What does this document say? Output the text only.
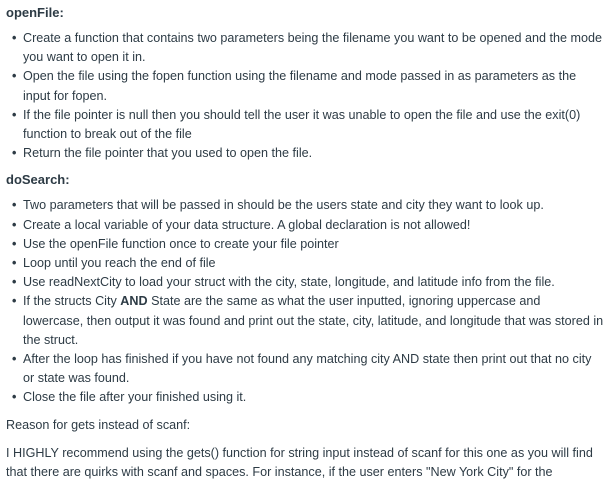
openFile:
• Create a function that contains two parameters being the filename you want to be opened and the mode you want to open it in.
• Open the file using the fopen function using the filename and mode passed in as parameters as the input for fopen.
• If the file pointer is null then you should tell the user it was unable to open the file and use the exit(0) function to break out of the file
• Return the file pointer that you used to open the file.
doSearch:
• Two parameters that will be passed in should be the users state and city they want to look up.
• Create a local variable of your data structure. A global declaration is not allowed!
• Use the openFile function once to create your file pointer
• Loop until you reach the end of file
• Use readNextCity to load your struct with the city, state, longitude, and latitude info from the file.
• If the structs City AND State are the same as what the user inputted, ignoring uppercase and lowercase, then output it was found and print out the state, city, latitude, and longitude that was stored in the struct.
• After the loop has finished if you have not found any matching city AND state then print out that no city or state was found.
• Close the file after your finished using it.

Reason for gets instead of scanf:

I HIGHLY recommend using the gets() function for string input instead of scanf for this one as you will find that there are quirks with scanf and spaces. For instance, if the user enters "New York City" for the
